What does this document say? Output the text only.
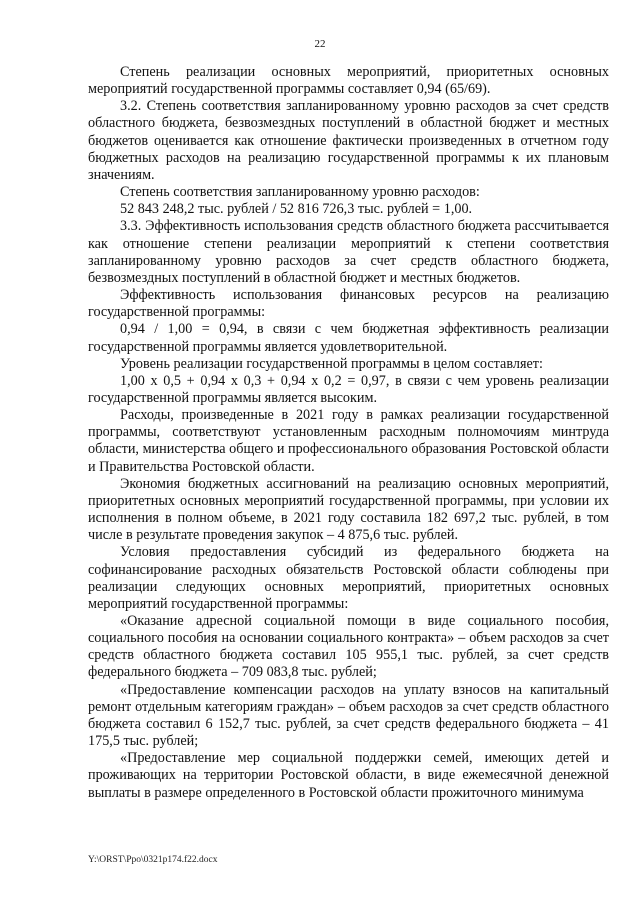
22

Степень реализации основных мероприятий, приоритетных основных мероприятий государственной программы составляет 0,94 (65/69).

3.2. Степень соответствия запланированному уровню расходов за счет средств областного бюджета, безвозмездных поступлений в областной бюджет и местных бюджетов оценивается как отношение фактически произведенных в отчетном году бюджетных расходов на реализацию государственной программы к их плановым значениям.

Степень соответствия запланированному уровню расходов:

52 843 248,2 тыс. рублей / 52 816 726,3 тыс. рублей = 1,00.

3.3. Эффективность использования средств областного бюджета рассчитывается как отношение степени реализации мероприятий к степени соответствия запланированному уровню расходов за счет средств областного бюджета, безвозмездных поступлений в областной бюджет и местных бюджетов.

Эффективность использования финансовых ресурсов на реализацию государственной программы:

0,94 / 1,00 = 0,94, в связи с чем бюджетная эффективность реализации государственной программы является удовлетворительной.

Уровень реализации государственной программы в целом составляет:

1,00 х 0,5 + 0,94 х 0,3 + 0,94 х 0,2 = 0,97, в связи с чем уровень реализации государственной программы является высоким.

Расходы, произведенные в 2021 году в рамках реализации государственной программы, соответствуют установленным расходным полномочиям минтруда области, министерства общего и профессионального образования Ростовской области и Правительства Ростовской области.

Экономия бюджетных ассигнований на реализацию основных мероприятий, приоритетных основных мероприятий государственной программы, при условии их исполнения в полном объеме, в 2021 году составила 182 697,2 тыс. рублей, в том числе в результате проведения закупок – 4 875,6 тыс. рублей.

Условия предоставления субсидий из федерального бюджета на софинансирование расходных обязательств Ростовской области соблюдены при реализации следующих основных мероприятий, приоритетных основных мероприятий государственной программы:

«Оказание адресной социальной помощи в виде социального пособия, социального пособия на основании социального контракта» – объем расходов за счет средств областного бюджета составил 105 955,1 тыс. рублей, за счет средств федерального бюджета – 709 083,8 тыс. рублей;

«Предоставление компенсации расходов на уплату взносов на капитальный ремонт отдельным категориям граждан» – объем расходов за счет средств областного бюджета составил 6 152,7 тыс. рублей, за счет средств федерального бюджета – 41 175,5 тыс. рублей;

«Предоставление мер социальной поддержки семей, имеющих детей и проживающих на территории Ростовской области, в виде ежемесячной денежной выплаты в размере определенного в Ростовской области прожиточного минимума

Y:\ORST\Ppo\0321p174.f22.docx
